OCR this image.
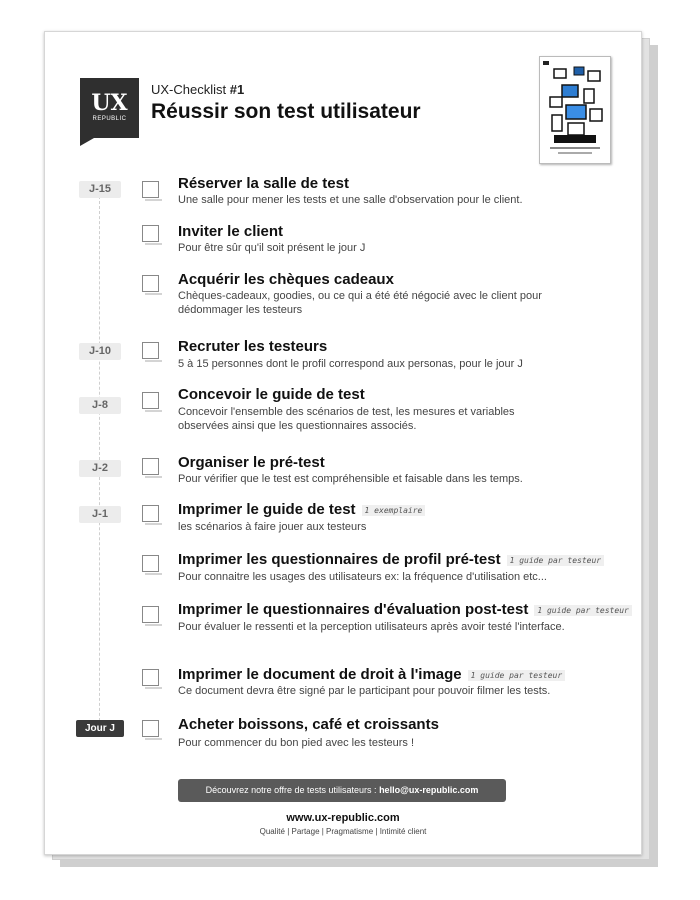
UX
REPUBLIC
UX-Checklist #1
Réussir son test utilisateur
J-15
J-10
J-8
J-2
J-1
Jour J
Réserver la salle de test
Une salle pour mener les tests et une salle d'observation pour le client.
Inviter le client
Pour être sûr qu'il soit présent le jour J
Acquérir les chèques cadeaux
Chèques-cadeaux, goodies, ou ce qui a été été négocié avec le client pour dédommager les testeurs
Recruter les testeurs
5 à 15 personnes dont le profil correspond aux personas, pour le jour J
Concevoir le guide de test
Concevoir l'ensemble des scénarios de test, les mesures et variables observées ainsi que les questionnaires associés.
Organiser le pré-test
Pour vérifier que le test est compréhensible et faisable dans les temps.
Imprimer le guide de test 1 exemplaire
les scénarios à faire jouer aux testeurs
Imprimer les questionnaires de profil pré-test 1 guide par testeur
Pour connaitre les usages des utilisateurs ex: la fréquence d'utilisation etc...
Imprimer le questionnaires d'évaluation post-test 1 guide par testeur
Pour évaluer le ressenti et la perception utilisateurs après avoir testé l'interface.
Imprimer le document de droit à l'image 1 guide par testeur
Ce document devra être signé par le participant pour pouvoir filmer les tests.
Acheter boissons, café et croissants
Pour commencer du bon pied avec les testeurs !
Découvrez notre offre de tests utilisateurs : hello@ux-republic.com
www.ux-republic.com
Qualité | Partage | Pragmatisme | Intimité client
